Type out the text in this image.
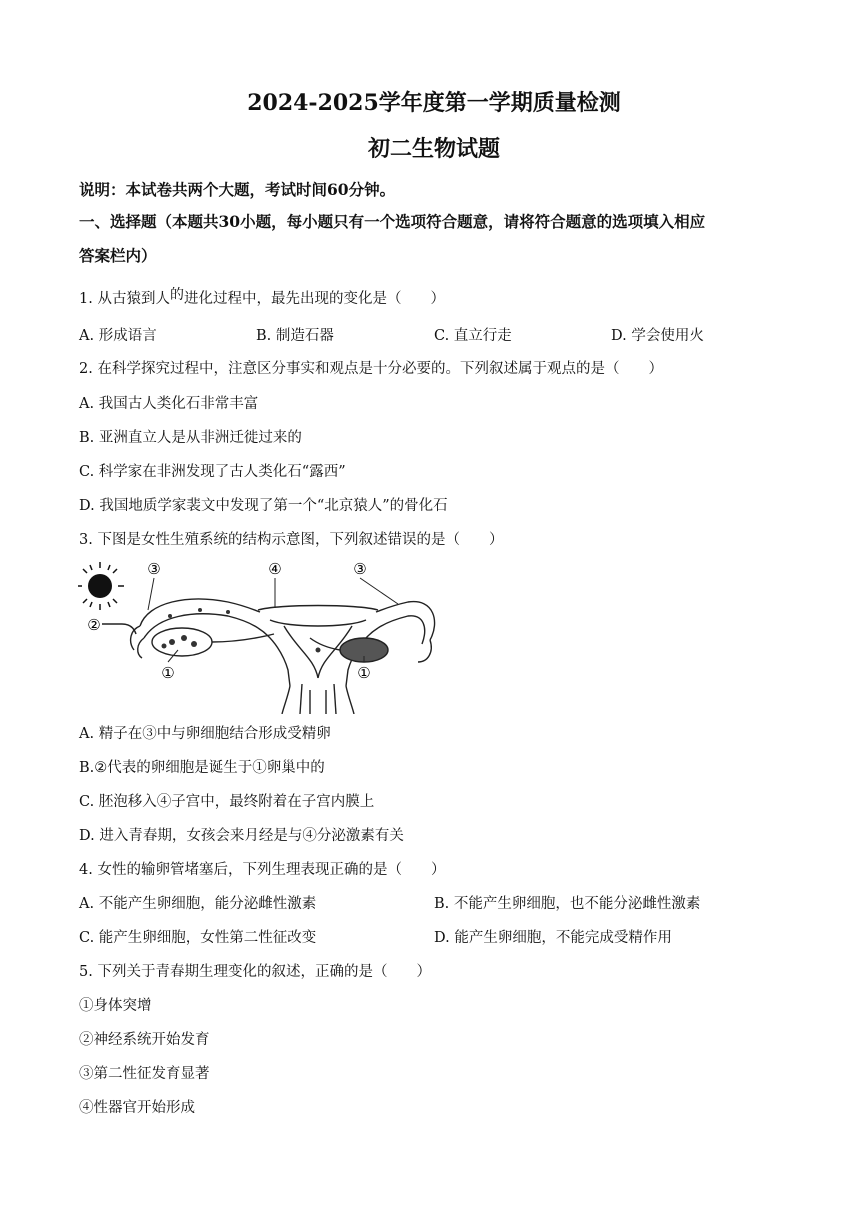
2024-2025学年度第一学期质量检测
初二生物试题
说明：本试卷共两个大题，考试时间60分钟。
一、选择题（本题共30小题，每小题只有一个选项符合题意，请将符合题意的选项填入相应
答案栏内）
1. 从古猿到人$^的$进化过程中，最先出现的变化是（　　）
A. 形成语言	B. 制造石器	C. 直立行走	D. 学会使用火
2. 在科学探究过程中，注意区分事实和观点是十分必要的。下列叙述属于观点的是（　　）
A. 我国古人类化石非常丰富
B. 亚洲直立人是从非洲迁徙过来的
C. 科学家在非洲发现了古人类化石“露西”
D. 我国地质学家裴文中发现了第一个“北京猿人”的骨化石
3. 下图是女性生殖系统的结构示意图，下列叙述错误的是（　　）
③	④	③
②
①	①
A. 精子在③中与卵细胞结合形成受精卵
B.②代表的卵细胞是诞生于①卵巢中的
C. 胚泡移入④子宫中，最终附着在子宫内膜上
D. 进入青春期，女孩会来月经是与④分泌激素有关
4. 女性的输卵管堵塞后，下列生理表现正确的是（　　）
A. 不能产生卵细胞，能分泌雌性激素	B. 不能产生卵细胞，也不能分泌雌性激素
C. 能产生卵细胞，女性第二性征改变	D. 能产生卵细胞，不能完成受精作用
5. 下列关于青春期生理变化的叙述，正确的是（　　）
①身体突增
②神经系统开始发育
③第二性征发育显著
④性器官开始形成
